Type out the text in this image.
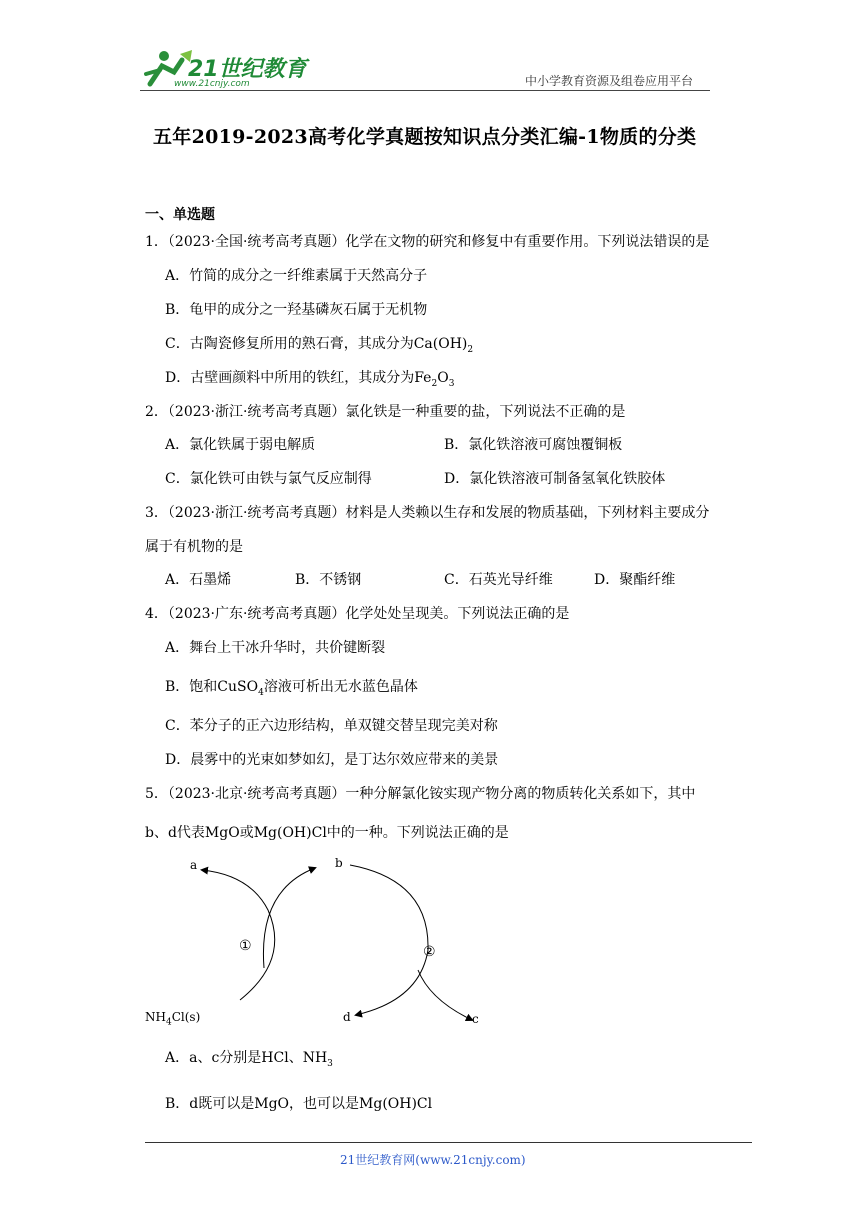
21世纪教育
www.21cnjy.com	中小学教育资源及组卷应用平台
五年2019-2023高考化学真题按知识点分类汇编-1物质的分类
一、单选题
1．（2023·全国·统考高考真题）化学在文物的研究和修复中有重要作用。下列说法错误的是
A．竹简的成分之一纤维素属于天然高分子
B．龟甲的成分之一羟基磷灰石属于无机物
C．古陶瓷修复所用的熟石膏，其成分为$Ca(OH)_2$
D．古壁画颜料中所用的铁红，其成分为$Fe_2O_3$
2．（2023·浙江·统考高考真题）氯化铁是一种重要的盐，下列说法不正确的是
A．氯化铁属于弱电解质	B．氯化铁溶液可腐蚀覆铜板
C．氯化铁可由铁与氯气反应制得	D．氯化铁溶液可制备氢氧化铁胶体
3．（2023·浙江·统考高考真题）材料是人类赖以生存和发展的物质基础，下列材料主要成分
属于有机物的是
A．石墨烯	B．不锈钢	C．石英光导纤维	D．聚酯纤维
4．（2023·广东·统考高考真题）化学处处呈现美。下列说法正确的是
A．舞台上干冰升华时，共价键断裂
B．饱和CuSO$_4$溶液可析出无水蓝色晶体
C．苯分子的正六边形结构，单双键交替呈现完美对称
D．晨雾中的光束如梦如幻，是丁达尔效应带来的美景
5．（2023·北京·统考高考真题）一种分解氯化铵实现产物分离的物质转化关系如下，其中
b、d代表MgO或Mg(OH)Cl中的一种。下列说法正确的是
a	b
①	②
$NH_4Cl(s)$	d	c
A．a、c分别是HCl、$NH_3$
B．d既可以是MgO，也可以是Mg(OH)Cl
21世纪教育网(www.21cnjy.com)
